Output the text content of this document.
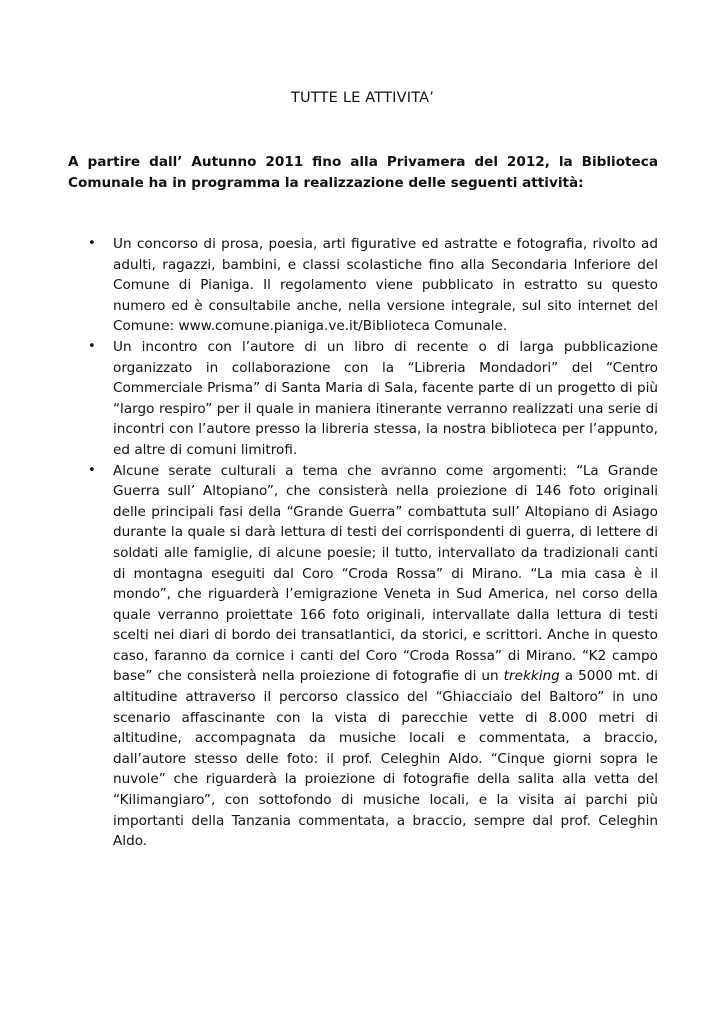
TUTTE LE ATTIVITA’

A partire dall’ Autunno 2011 fino alla Privamera del 2012, la Biblioteca Comunale ha in programma la realizzazione delle seguenti attività:

• Un concorso di prosa, poesia, arti figurative ed astratte e fotografia, rivolto ad adulti, ragazzi, bambini, e classi scolastiche fino alla Secondaria Inferiore del Comune di Pianiga. Il regolamento viene pubblicato in estratto su questo numero ed è consultabile anche, nella versione integrale, sul sito internet del Comune: www.comune.pianiga.ve.it/Biblioteca Comunale.
• Un incontro con l’autore di un libro di recente o di larga pubblicazione organizzato in collaborazione con la “Libreria Mondadori” del “Centro Commerciale Prisma” di Santa Maria di Sala, facente parte di un progetto di più “largo respiro” per il quale in maniera itinerante verranno realizzati una serie di incontri con l’autore presso la libreria stessa, la nostra biblioteca per l’appunto, ed altre di comuni limitrofi.
• Alcune serate culturali a tema che avranno come argomenti: “La Grande Guerra sull’ Altopiano”, che consisterà nella proiezione di 146 foto originali delle principali fasi della “Grande Guerra” combattuta sull’ Altopiano di Asiago durante la quale si darà lettura di testi dei corrispondenti di guerra, di lettere di soldati alle famiglie, di alcune poesie; il tutto, intervallato da tradizionali canti di montagna eseguiti dal Coro “Croda Rossa” di Mirano. “La mia casa è il mondo”, che riguarderà l’emigrazione Veneta in Sud America, nel corso della quale verranno proiettate 166 foto originali, intervallate dalla lettura di testi scelti nei diari di bordo dei transatlantici, da storici, e scrittori. Anche in questo caso, faranno da cornice i canti del Coro “Croda Rossa” di Mirano. “K2 campo base” che consisterà nella proiezione di fotografie di un trekking a 5000 mt. di altitudine attraverso il percorso classico del “Ghiacciaio del Baltoro” in uno scenario affascinante con la vista di parecchie vette di 8.000 metri di altitudine, accompagnata da musiche locali e commentata, a braccio, dall’autore stesso delle foto: il prof. Celeghin Aldo. “Cinque giorni sopra le nuvole” che riguarderà la proiezione di fotografie della salita alla vetta del “Kilimangiaro”, con sottofondo di musiche locali, e la visita ai parchi più importanti della Tanzania commentata, a braccio, sempre dal prof. Celeghin Aldo.
